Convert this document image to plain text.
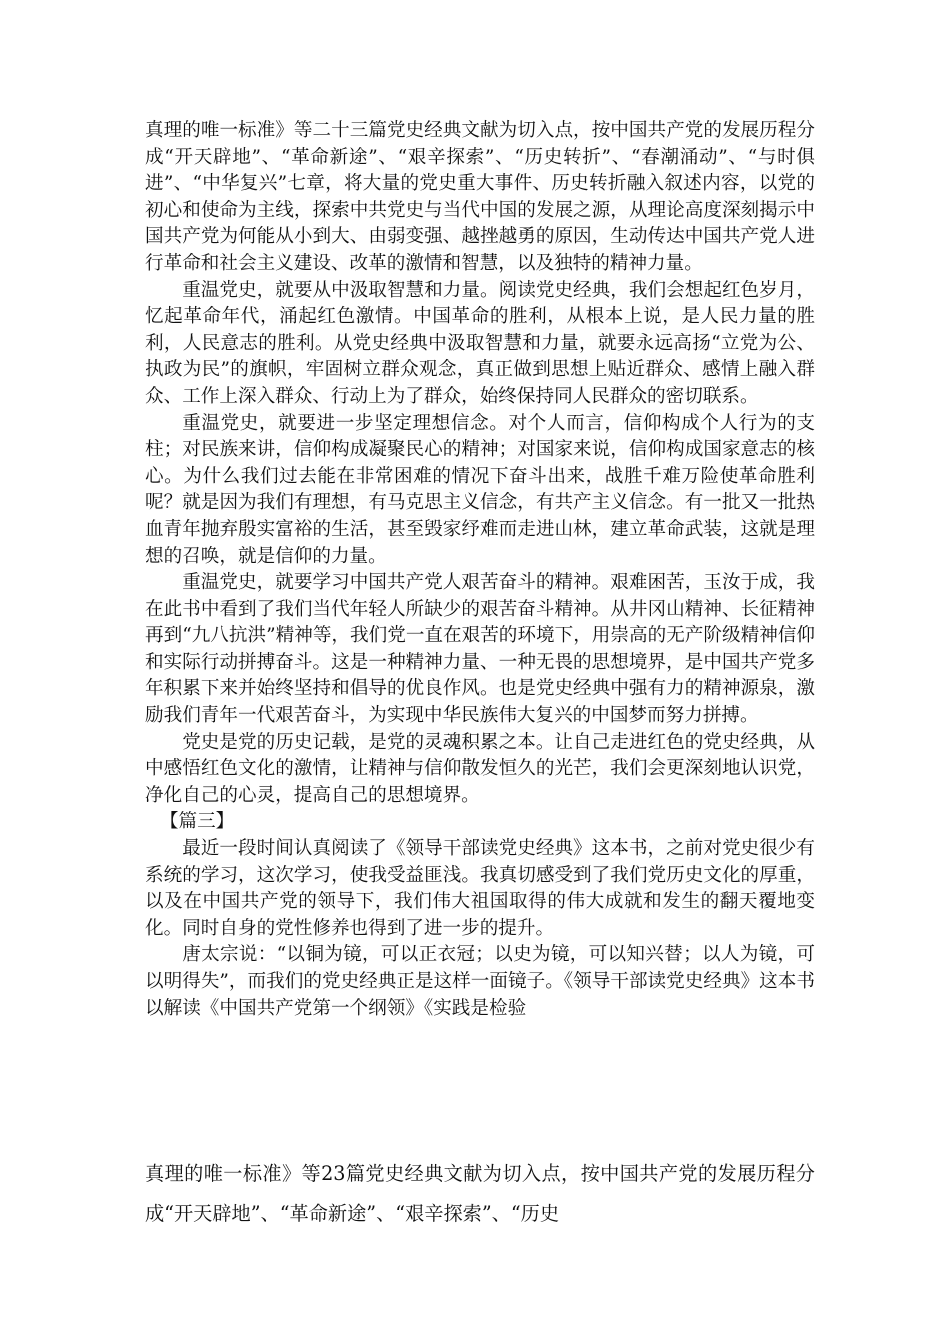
真理的唯一标准》等二十三篇党史经典文献为切入点，按中国共产党的发展历程分成“开天辟地”、“革命新途”、“艰辛探索”、“历史转折”、“春潮涌动”、“与时俱进”、“中华复兴”七章，将大量的党史重大事件、历史转折融入叙述内容，以党的初心和使命为主线，探索中共党史与当代中国的发展之源，从理论高度深刻揭示中国共产党为何能从小到大、由弱变强、越挫越勇的原因，生动传达中国共产党人进行革命和社会主义建设、改革的激情和智慧，以及独特的精神力量。

重温党史，就要从中汲取智慧和力量。阅读党史经典，我们会想起红色岁月，忆起革命年代，涌起红色激情。中国革命的胜利，从根本上说，是人民力量的胜利，人民意志的胜利。从党史经典中汲取智慧和力量，就要永远高扬“立党为公、执政为民”的旗帜，牢固树立群众观念，真正做到思想上贴近群众、感情上融入群众、工作上深入群众、行动上为了群众，始终保持同人民群众的密切联系。

重温党史，就要进一步坚定理想信念。对个人而言，信仰构成个人行为的支柱；对民族来讲，信仰构成凝聚民心的精神；对国家来说，信仰构成国家意志的核心。为什么我们过去能在非常困难的情况下奋斗出来，战胜千难万险使革命胜利呢？就是因为我们有理想，有马克思主义信念，有共产主义信念。有一批又一批热血青年抛弃殷实富裕的生活，甚至毁家纾难而走进山林，建立革命武装，这就是理想的召唤，就是信仰的力量。

重温党史，就要学习中国共产党人艰苦奋斗的精神。艰难困苦，玉汝于成，我在此书中看到了我们当代年轻人所缺少的艰苦奋斗精神。从井冈山精神、长征精神再到“九八抗洪”精神等，我们党一直在艰苦的环境下，用崇高的无产阶级精神信仰和实际行动拼搏奋斗。这是一种精神力量、一种无畏的思想境界，是中国共产党多年积累下来并始终坚持和倡导的优良作风。也是党史经典中强有力的精神源泉，激励我们青年一代艰苦奋斗，为实现中华民族伟大复兴的中国梦而努力拼搏。

党史是党的历史记载，是党的灵魂积累之本。让自己走进红色的党史经典，从中感悟红色文化的激情，让精神与信仰散发恒久的光芒，我们会更深刻地认识党，净化自己的心灵，提高自己的思想境界。

【篇三】

最近一段时间认真阅读了《领导干部读党史经典》这本书，之前对党史很少有系统的学习，这次学习，使我受益匪浅。我真切感受到了我们党历史文化的厚重，以及在中国共产党的领导下，我们伟大祖国取得的伟大成就和发生的翻天覆地变化。同时自身的党性修养也得到了进一步的提升。

唐太宗说：“以铜为镜，可以正衣冠；以史为镜，可以知兴替；以人为镜，可以明得失”，而我们的党史经典正是这样一面镜子。《领导干部读党史经典》这本书以解读《中国共产党第一个纲领》《实践是检验

真理的唯一标准》等23篇党史经典文献为切入点，按中国共产党的发展历程分成“开天辟地”、“革命新途”、“艰辛探索”、“历史
